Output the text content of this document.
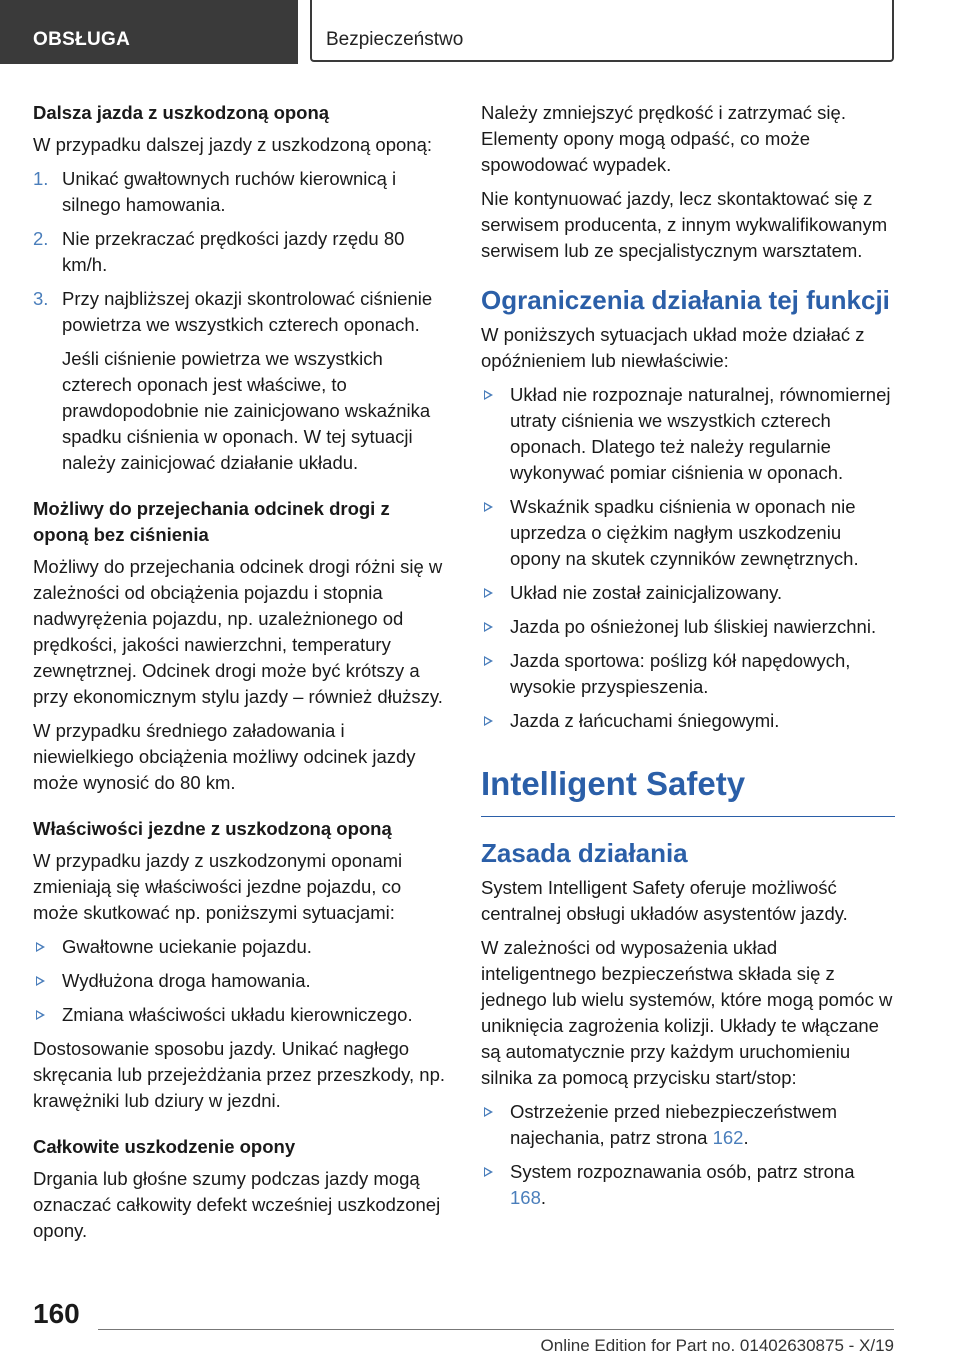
OBSŁUGA	Bezpieczeństwo
Dalsza jazda z uszkodzoną oponą

W przypadku dalszej jazdy z uszkodzoną oponą:

1. Unikać gwałtownych ruchów kierownicą i silnego hamowania.
2. Nie przekraczać prędkości jazdy rzędu 80 km/h.
3. Przy najbliższej okazji skontrolować ciśnienie powietrza we wszystkich czterech oponach.
Jeśli ciśnienie powietrza we wszystkich czterech oponach jest właściwe, to prawdopodobnie nie zainicjowano wskaźnika spadku ciśnienia w oponach. W tej sytuacji należy zainicjować działanie układu.
Możliwy do przejechania odcinek drogi z oponą bez ciśnienia

Możliwy do przejechania odcinek drogi różni się w zależności od obciążenia pojazdu i stopnia nadwyrężenia pojazdu, np. uzależnionego od prędkości, jakości nawierzchni, temperatury zewnętrznej. Odcinek drogi może być krótszy a przy ekonomicznym stylu jazdy – również dłuższy.

W przypadku średniego załadowania i niewielkiego obciążenia możliwy odcinek jazdy może wynosić do 80 km.

Właściwości jezdne z uszkodzoną oponą

W przypadku jazdy z uszkodzonymi oponami zmieniają się właściwości jezdne pojazdu, co może skutkować np. poniższymi sytuacjami:

Gwałtowne uciekanie pojazdu.
Wydłużona droga hamowania.
Zmiana właściwości układu kierowniczego.

Dostosowanie sposobu jazdy. Unikać nagłego skręcania lub przejeżdżania przez przeszkody, np. krawężniki lub dziury w jezdni.

Całkowite uszkodzenie opony

Drgania lub głośne szumy podczas jazdy mogą oznaczać całkowity defekt wcześniej uszkodzonej opony.

Należy zmniejszyć prędkość i zatrzymać się. Elementy opony mogą odpaść, co może spowodować wypadek.

Nie kontynuować jazdy, lecz skontaktować się z serwisem producenta, z innym wykwalifikowanym serwisem lub ze specjalistycznym warsztatem.

Ograniczenia działania tej funkcji

W poniższych sytuacjach układ może działać z opóźnieniem lub niewłaściwie:

Układ nie rozpoznaje naturalnej, równomiernej utraty ciśnienia we wszystkich czterech oponach. Dlatego też należy regularnie wykonywać pomiar ciśnienia w oponach.
Wskaźnik spadku ciśnienia w oponach nie uprzedza o ciężkim nagłym uszkodzeniu opony na skutek czynników zewnętrznych.
Układ nie został zainicjalizowany.
Jazda po ośnieżonej lub śliskiej nawierzchni.
Jazda sportowa: poślizg kół napędowych, wysokie przyspieszenia.
Jazda z łańcuchami śniegowymi.
Intelligent Safety
Zasada działania

System Intelligent Safety oferuje możliwość centralnej obsługi układów asystentów jazdy.

W zależności od wyposażenia układ inteligentnego bezpieczeństwa składa się z jednego lub wielu systemów, które mogą pomóc w uniknięcia zagrożenia kolizji. Układy te włączane są automatycznie przy każdym uruchomieniu silnika za pomocą przycisku start/stop:

Ostrzeżenie przed niebezpieczeństwem najechania, patrz strona 162.
System rozpoznawania osób, patrz strona 168.
160
Online Edition for Part no. 01402630875 - X/19
